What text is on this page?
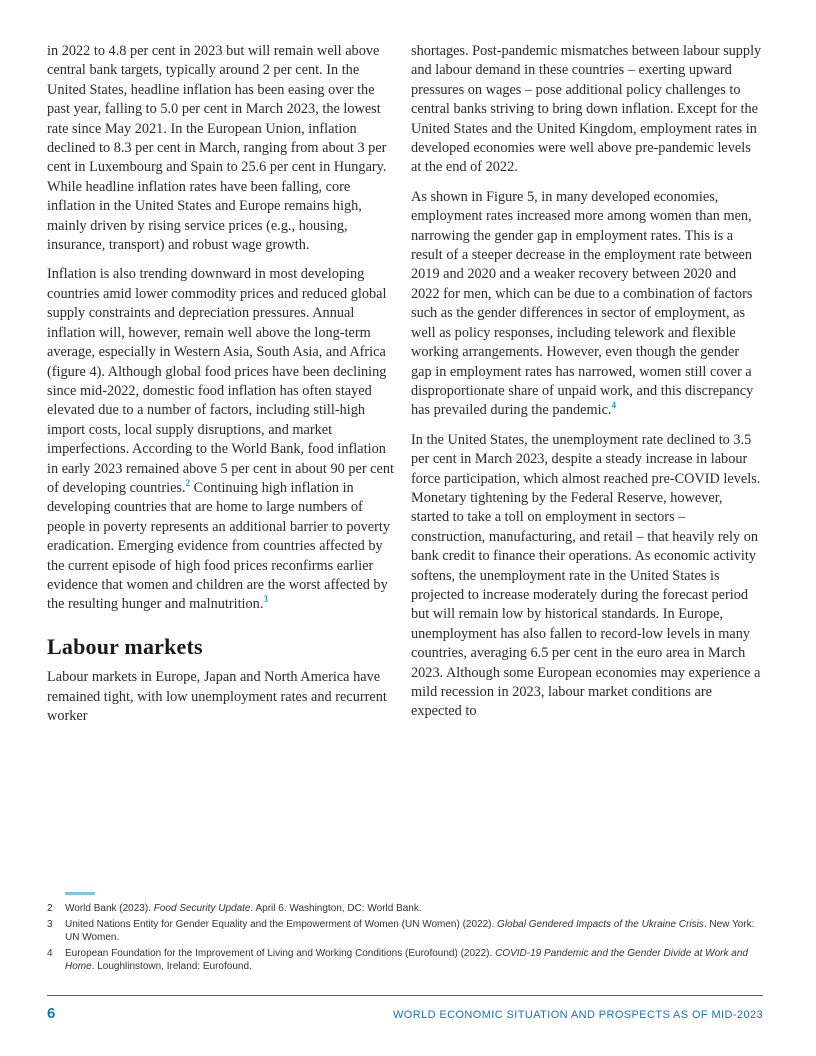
in 2022 to 4.8 per cent in 2023 but will remain well above central bank targets, typically around 2 per cent. In the United States, headline inflation has been easing over the past year, falling to 5.0 per cent in March 2023, the lowest rate since May 2021. In the European Union, inflation declined to 8.3 per cent in March, ranging from about 3 per cent in Luxembourg and Spain to 25.6 per cent in Hungary. While headline inflation rates have been falling, core inflation in the United States and Europe remains high, mainly driven by rising service prices (e.g., housing, insurance, transport) and robust wage growth.

Inflation is also trending downward in most developing countries amid lower commodity prices and reduced global supply constraints and depreciation pressures. Annual inflation will, however, remain well above the long-term average, especially in Western Asia, South Asia, and Africa (figure 4). Although global food prices have been declining since mid-2022, domestic food inflation has often stayed elevated due to a number of factors, including still-high import costs, local supply disruptions, and market imperfections. According to the World Bank, food inflation in early 2023 remained above 5 per cent in about 90 per cent of developing countries.$^2$ Continuing high inflation in developing countries that are home to large numbers of people in poverty represents an additional barrier to poverty eradication. Emerging evidence from countries affected by the current episode of high food prices reconfirms earlier evidence that women and children are the worst affected by the resulting hunger and malnutrition.$^3$

Labour markets

Labour markets in Europe, Japan and North America have remained tight, with low unemployment rates and recurrent worker

shortages. Post-pandemic mismatches between labour supply and labour demand in these countries – exerting upward pressures on wages – pose additional policy challenges to central banks striving to bring down inflation. Except for the United States and the United Kingdom, employment rates in developed economies were well above pre-pandemic levels at the end of 2022.

As shown in Figure 5, in many developed economies, employment rates increased more among women than men, narrowing the gender gap in employment rates. This is a result of a steeper decrease in the employment rate between 2019 and 2020 and a weaker recovery between 2020 and 2022 for men, which can be due to a combination of factors such as the gender differences in sector of employment, as well as policy responses, including telework and flexible working arrangements. However, even though the gender gap in employment rates has narrowed, women still cover a disproportionate share of unpaid work, and this discrepancy has prevailed during the pandemic.$^4$

In the United States, the unemployment rate declined to 3.5 per cent in March 2023, despite a steady increase in labour force participation, which almost reached pre-COVID levels. Monetary tightening by the Federal Reserve, however, started to take a toll on employment in sectors – construction, manufacturing, and retail – that heavily rely on bank credit to finance their operations. As economic activity softens, the unemployment rate in the United States is projected to increase moderately during the forecast period but will remain low by historical standards. In Europe, unemployment has also fallen to record-low levels in many countries, averaging 6.5 per cent in the euro area in March 2023. Although some European economies may experience a mild recession in 2023, labour market conditions are expected to

2	World Bank (2023). Food Security Update. April 6. Washington, DC: World Bank.
3	United Nations Entity for Gender Equality and the Empowerment of Women (UN Women) (2022). Global Gendered Impacts of the Ukraine Crisis. New York: UN Women.
4	European Foundation for the Improvement of Living and Working Conditions (Eurofound) (2022). COVID-19 Pandemic and the Gender Divide at Work and Home. Loughlinstown, Ireland: Eurofound.
6	WORLD ECONOMIC SITUATION AND PROSPECTS AS OF MID-2023
